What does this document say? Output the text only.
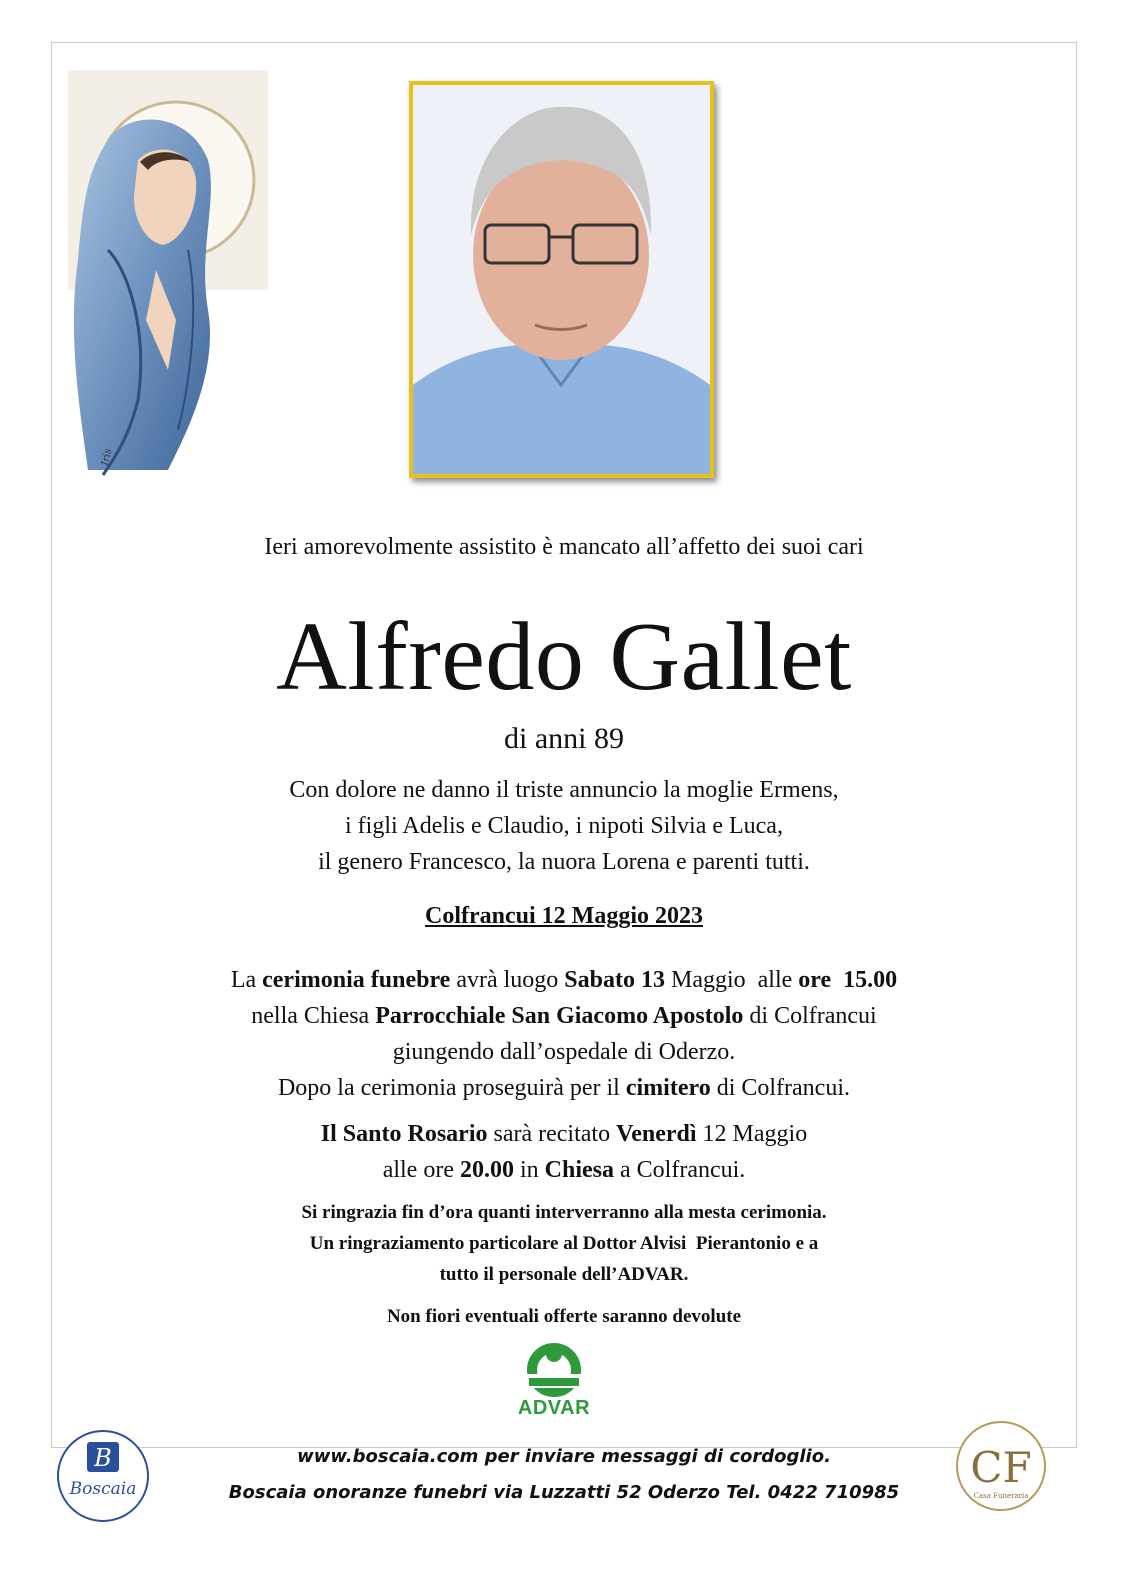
Iris

Ieri amorevolmente assistito è mancato all’affetto dei suoi cari

Alfredo Gallet

di anni 89

Con dolore ne danno il triste annuncio la moglie Ermens,
i figli Adelis e Claudio, i nipoti Silvia e Luca,
il genero Francesco, la nuora Lorena e parenti tutti.

Colfrancui 12 Maggio 2023

La cerimonia funebre avrà luogo Sabato 13 Maggio  alle ore  15.00
nella Chiesa Parrocchiale San Giacomo Apostolo di Colfrancui
giungendo dall’ospedale di Oderzo.
Dopo la cerimonia proseguirà per il cimitero di Colfrancui.

Il Santo Rosario sarà recitato Venerdì 12 Maggio
alle ore 20.00 in Chiesa a Colfrancui.

Si ringrazia fin d’ora quanti interverranno alla mesta cerimonia.
Un ringraziamento particolare al Dottor Alvisi  Pierantonio e a
tutto il personale dell’ADVAR.

Non fiori eventuali offerte saranno devolute

ADVAR

www.boscaia.com per inviare messaggi di cordoglio.

Boscaia onoranze funebri via Luzzatti 52 Oderzo Tel. 0422 710985

B
Boscaia	CF
Casa Funeraria
